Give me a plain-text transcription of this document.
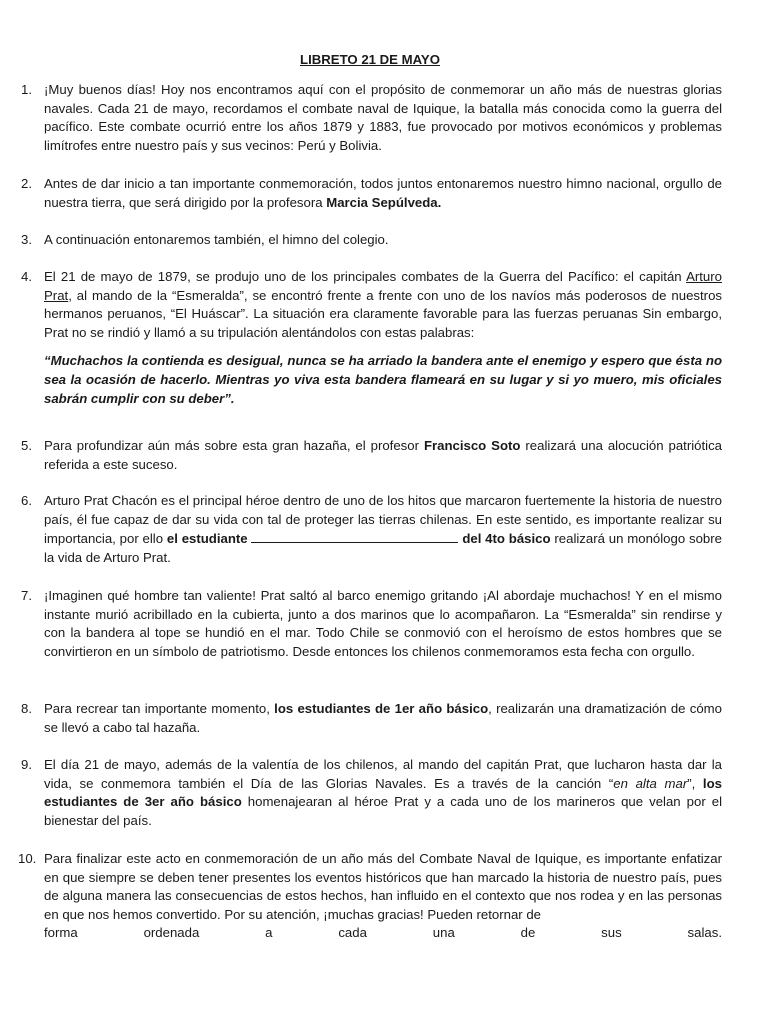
LIBRETO 21 DE MAYO
1. ¡Muy buenos días! Hoy nos encontramos aquí con el propósito de conmemorar un año más de nuestras glorias navales. Cada 21 de mayo, recordamos el combate naval de Iquique, la batalla más conocida como la guerra del pacífico. Este combate ocurrió entre los años 1879 y 1883, fue provocado por motivos económicos y problemas limítrofes entre nuestro país y sus vecinos: Perú y Bolivia.
2. Antes de dar inicio a tan importante conmemoración, todos juntos entonaremos nuestro himno nacional, orgullo de nuestra tierra, que será dirigido por la profesora Marcia Sepúlveda.
3. A continuación entonaremos también, el himno del colegio.
4. El 21 de mayo de 1879, se produjo uno de los principales combates de la Guerra del Pacífico: el capitán Arturo Prat, al mando de la “Esmeralda”, se encontró frente a frente con uno de los navíos más poderosos de nuestros hermanos peruanos, “El Huáscar”. La situación era claramente favorable para las fuerzas peruanas Sin embargo, Prat no se rindió y llamó a su tripulación alentándolos con estas palabras:
“Muchachos la contienda es desigual, nunca se ha arriado la bandera ante el enemigo y espero que ésta no sea la ocasión de hacerlo. Mientras yo viva esta bandera flameará en su lugar y si yo muero, mis oficiales sabrán cumplir con su deber”.
5. Para profundizar aún más sobre esta gran hazaña, el profesor Francisco Soto realizará una alocución patriótica referida a este suceso.
6. Arturo Prat Chacón es el principal héroe dentro de uno de los hitos que marcaron fuertemente la historia de nuestro país, él fue capaz de dar su vida con tal de proteger las tierras chilenas. En este sentido, es importante realizar su importancia, por ello el estudiante	del 4to básico realizará un monólogo sobre la vida de Arturo Prat.
7. ¡Imaginen qué hombre tan valiente! Prat saltó al barco enemigo gritando ¡Al abordaje muchachos! Y en el mismo instante murió acribillado en la cubierta, junto a dos marinos que lo acompañaron. La “Esmeralda” sin rendirse y con la bandera al tope se hundió en el mar. Todo Chile se conmovió con el heroísmo de estos hombres que se convirtieron en un símbolo de patriotismo. Desde entonces los chilenos conmemoramos esta fecha con orgullo.
8. Para recrear tan importante momento, los estudiantes de 1er año básico, realizarán una dramatización de cómo se llevó a cabo tal hazaña.
9. El día 21 de mayo, además de la valentía de los chilenos, al mando del capitán Prat, que lucharon hasta dar la vida, se conmemora también el Día de las Glorias Navales. Es a través de la canción “en alta mar”, los estudiantes de 3er año básico homenajearan al héroe Prat y a cada uno de los marineros que velan por el bienestar del país.
10. Para finalizar este acto en conmemoración de un año más del Combate Naval de Iquique, es importante enfatizar en que siempre se deben tener presentes los eventos históricos que han marcado la historia de nuestro país, pues de alguna manera las consecuencias de estos hechos, han influido en el contexto que nos rodea y en las personas en que nos hemos convertido. Por su atención, ¡muchas gracias! Pueden retornar de
forma	ordenada	a	cada	una	de	sus	salas.
